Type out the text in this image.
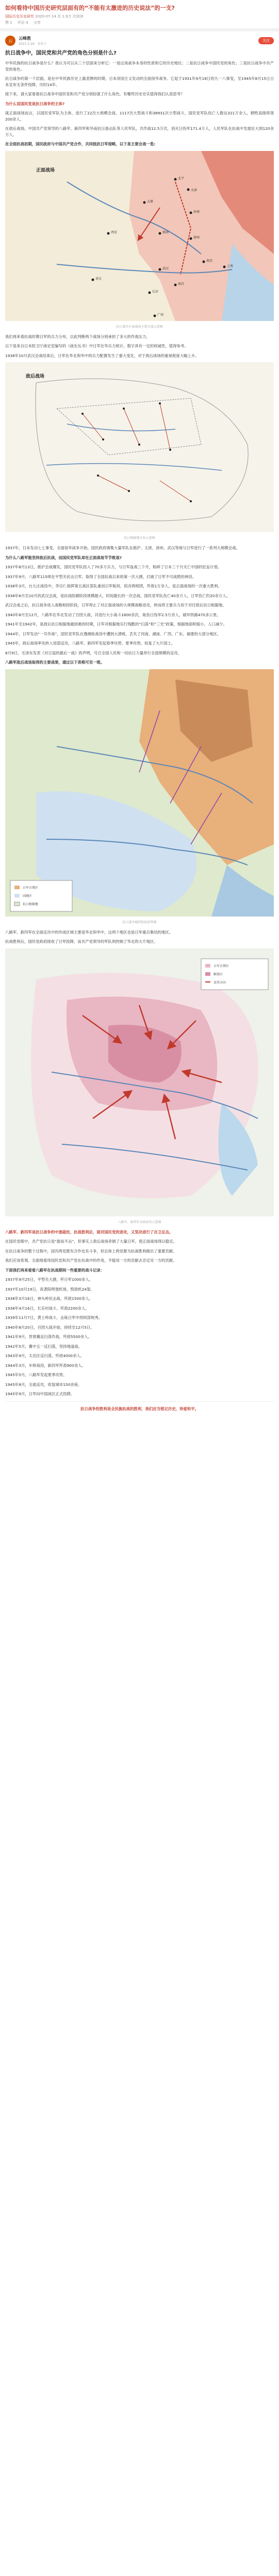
如何看待中国历史研究层面有的“不能有太激进的历史说法”的一支?
国际历史历史研究 2020-07-14 共 1.9万 次阅读
赞 1 评论 0 分享
云	云峰教
2021-5-26 · 发布于
关注
抗日战争中，国民党和共产党的角色分别是什么?

中华民族的抗日战争是什么？我认为可以从三个层面来分析它：一是这场战争本身的性质和它的历史地位；二是抗日战争中国民党的角色；三是抗日战争中共产党的角色。

抗日战争的第一个层面，是在中华民族历史上最悲惨的时期，日本帝国主义发动的全面侵华战争。它起于1931年9月18日的九一八事变，至1945年8月15日日本宣布无条件投降，历时14年。

接下来，请大家看看抗日战争中国民党和共产党分别扮演了什么角色，有哪些历史史实值得我们认真思考？

为什么说国民党是抗日战争的主体?

就正面战场而言，以国民党军队为主体，进行了22次大规模会战、1117次大型战斗和38931次小型战斗，国民党军队伤亡人数达321万余人，牺牲高级将领200余人。

在敌后战场，中国共产党领导的八路军、新四军和华南抗日游击队等人民军队，共作战12.5万次，消灭日伪军171.4万人，人民军队在抗战中发展壮大到120余万人。

在全面抗战初期，国民政府与中国共产党合作，共同抵抗日军侵略，以下是主要会战一览:

北平
天津
太原
济南
徐州
南京
上海
武汉
长沙
南昌
广州
重庆
西安	郑州
正面战场
抗日战争正面战场主要会战示意图

我们再来看抗战时期日军的兵力分布，以此判断两个战场分别承担了多大的作战压力。

以下是来自日本防卫厅战史室编写的《战史丛书》中日军在华兵力统计，数字具有一定的权威性，值得参考。

1938年10月武汉会战结束后，日军在华北和华中的兵力配置发生了重大变化，对于敌后战场的重视程度大幅上升。

敌后战场
抗日根据地分布示意图

1937年，日本发动七七事变，全面侵华战争开始。国民政府调集大量军队在淞沪、太原、徐州、武汉等地与日军进行了一系列大规模会战。

为什么八路军能坚持敌后抗战，而国民党军队却在正面战场节节败退?

1937年8月13日，淞沪会战爆发，国民党军队投入了70多万兵力，与日军血战三个月，粉碎了日本三个月灭亡中国的狂妄计划。

1937年9月，八路军115师在平型关伏击日军，取得了全国抗战以来的第一次大捷，打破了日军不可战胜的神话。

1938年3月，台儿庄战役中，李宗仁指挥第五战区部队重创日军板垣、矶谷两师团，歼敌1万余人，是正面战场的一次重大胜利。

1938年6月至10月的武汉会战，是抗战防御阶段规模最大、时间最长的一次会战，国民党军队伤亡40余万人，日军伤亡约20余万人。

武汉会战之后，抗日战争进入战略相持阶段，日军停止了对正面战场的大规模战略进攻，转而将主要兵力用于对付敌后抗日根据地。

1940年8月至12月，八路军在华北发动了百团大战，共进行大小战斗1800余次，毙伤日伪军2.5万余人，破坏铁路470多公里。

1941年至1942年，是敌后抗日根据地最困难的时期，日军对根据地实行残酷的“扫荡”和“三光”政策，根据地面积缩小，人口减少。

1944年，日军发动“一号作战”，国民党军队在豫湘桂战役中遭到大溃败，丢失了河南、湖南、广西、广东、福建的大部分地区。

1945年，敌后战场率先转入局部反攻，八路军、新四军发起春季攻势、夏季攻势，收复了大片国土。

8月9日，毛泽东发表《对日寇的最后一战》的声明，号召全国人民和一切抗日力量举行全国规模的反攻。

八路军敌后战场取得的主要战果，通过以下表格可见一斑。

日军占领区
国统区
抗日根据地
抗日战争相持阶段形势图

八路军、新四军在全面反攻中的作战区域主要是华北和华中，这两个地区也是日军重兵集结的地区。

抗战胜利后，国民党政府接收了日军投降，而共产党领导的军队则控制了华北的大片地区。

日军占领区
解放区
反攻方向
八路军、新四军全面反攻示意图

八路军、新四军是抗日战争的中流砥柱，抗战胜利后，面对国民党的进攻，又坚决进行了自卫反击。

在国民党眼中，共产党抗日是“游而不击”，但事实上敌后战场牵制了大量日军，使正面战场得以稳定。

在抗日战争的整个过程中，国共两党既有合作也有斗争，但总体上两党都为抗战胜利做出了重要贡献。

我们应该客观、全面地看待国民党和共产党在抗战中的作用，不能用一方的贡献去否定另一方的贡献。

下面我们再来看看八路军在抗战期间一些重要的战斗记录：

1937年9月25日，平型关大捷，歼日军1000余人。

1937年10月19日，夜袭阳明堡机场，毁敌机24架。

1938年3月16日，神头岭伏击战，歼敌1500余人。

1938年4月16日，长乐村战斗，歼敌2200余人。

1939年11月7日，黄土岭战斗，击毙日军中将阿部规秀。

1940年8月20日，百团大战开始，持续至12月5日。

1941年9月，晋察冀反扫荡作战，歼敌5500余人。

1942年5月，冀中五一反扫荡，坚持地道战。

1943年9月，太岳区反扫荡，歼敌4000余人。

1944年3月，车桥战役，新四军歼敌900余人。

1945年5月，八路军发起夏季攻势。

1945年8月，全面反攻，收复城市150余座。

1945年9月，日军向中国战区正式投降。

抗日战争的胜利是全民族抗战的胜利，我们应当铭记历史，珍爱和平。
